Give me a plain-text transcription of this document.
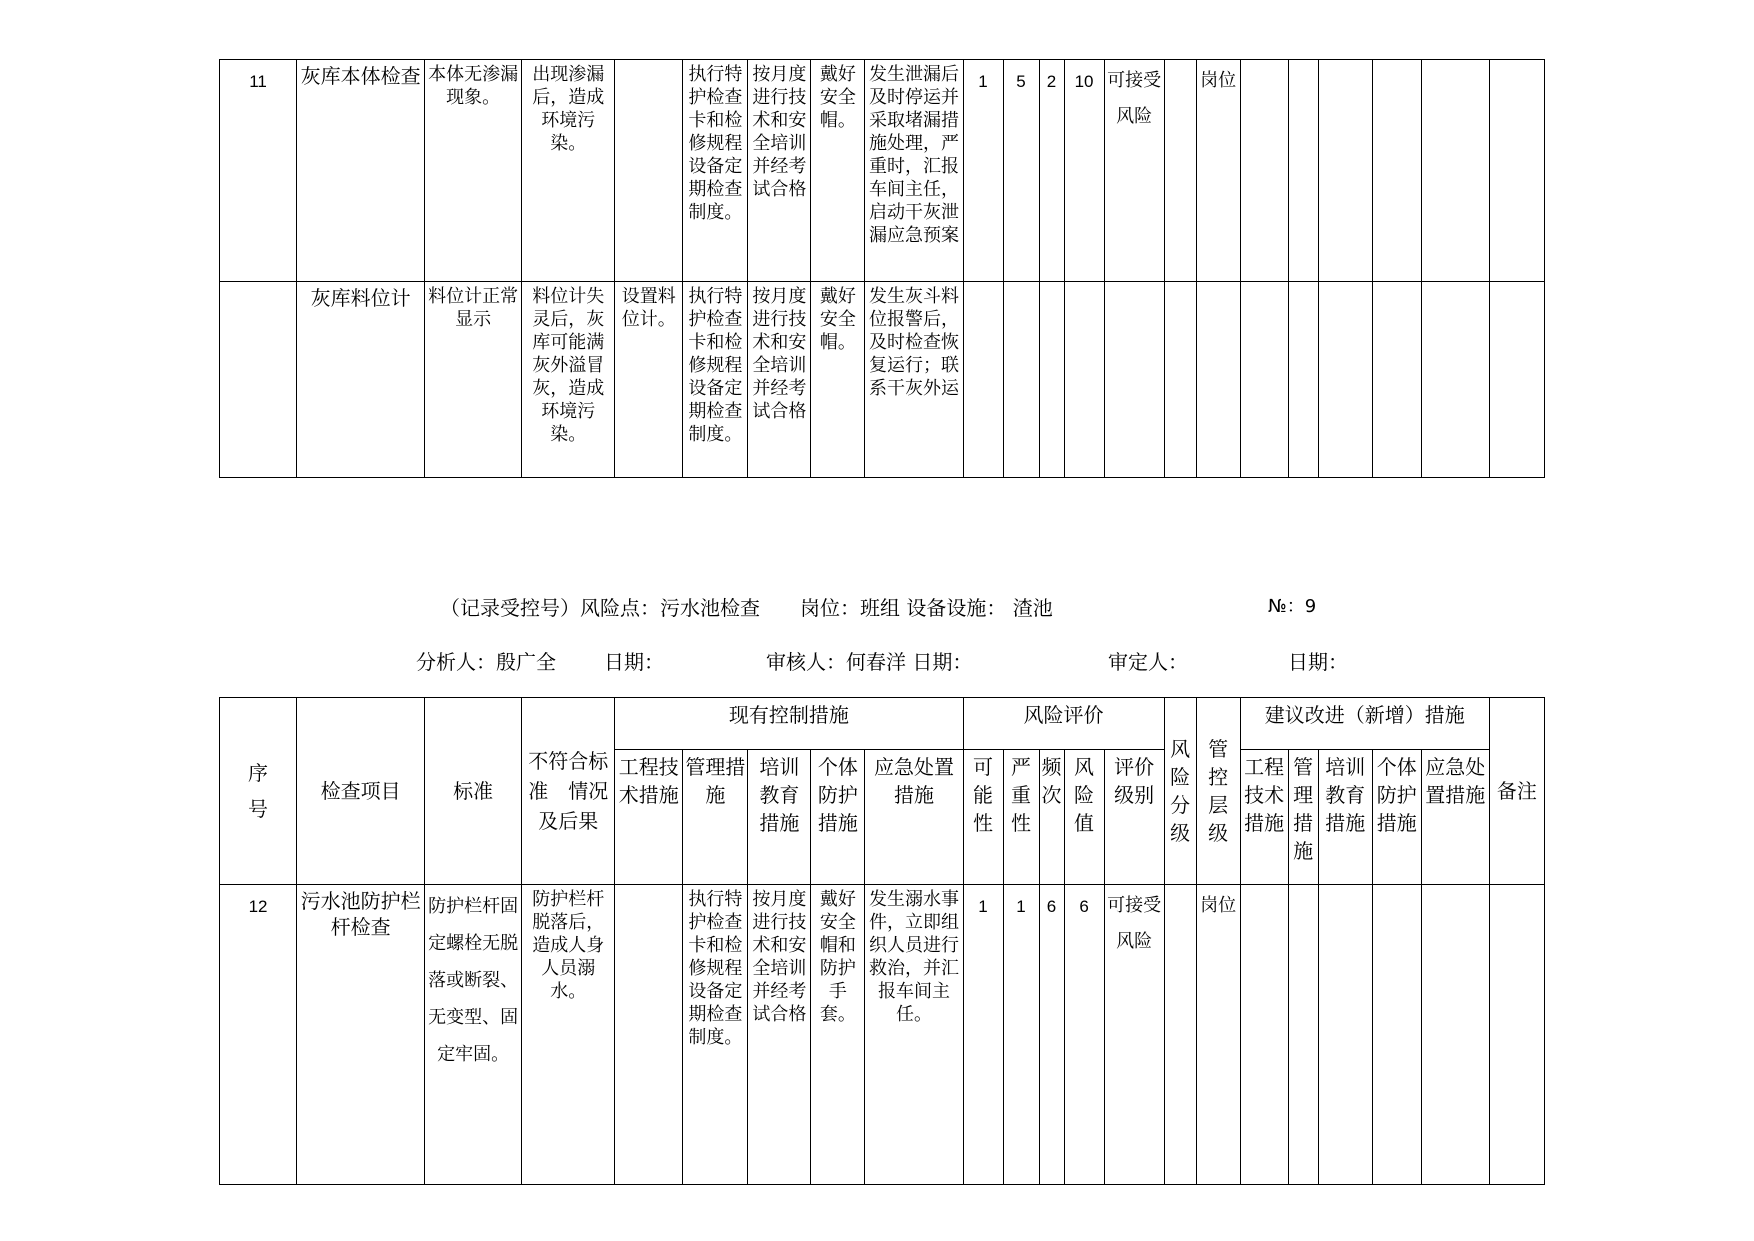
11	灰库本体检查	本体无渗漏现象。	出现渗漏后，造成环境污染。		执行特护检查卡和检修规程设备定期检查制度。	按月度进行技术和安全培训并经考试合格	戴好安全帽。	发生泄漏后及时停运并采取堵漏措施处理，严重时，汇报车间主任，启动干灰泄漏应急预案	1	5	2	10	可接受风险		岗位						
	灰库料位计	料位计正常显示	料位计失灵后，灰库可能满灰外溢冒灰，造成环境污染。	设置料位计。	执行特护检查卡和检修规程设备定期检查制度。	按月度进行技术和安全培训并经考试合格	戴好安全帽。	发生灰斗料位报警后，及时检查恢复运行；联系干灰外运													
（记录受控号）风险点：污水池检查　　岗位：班组 设备设施： 渣池	№：9
分析人：殷广全 日期：	审核人：何春洋 日期：	审定人：	日期：
序　号	检查项目	标准	不符合标准　情况及后果	现有控制措施					风险评价					风险分级	管控层级	建议改进（新增）措施					备注
				工程技术措施	管理措施	培训教育措施	个体防护措施	应急处置措施	可能性	严重性	频次	风险值	评价级别			工程技术措施	管理措施	培训教育措施	个体防护措施	应急处置措施	
12	污水池防护栏杆检查	防护栏杆固定螺栓无脱落或断裂、无变型、固定牢固。	防护栏杆脱落后，造成人身人员溺水。		执行特护检查卡和检修规程设备定期检查制度。	按月度进行技术和安全培训并经考试合格	戴好安全帽和防护手套。	发生溺水事件，立即组织人员进行救治，并汇报车间主任。	1	1	6	6	可接受风险		岗位						
